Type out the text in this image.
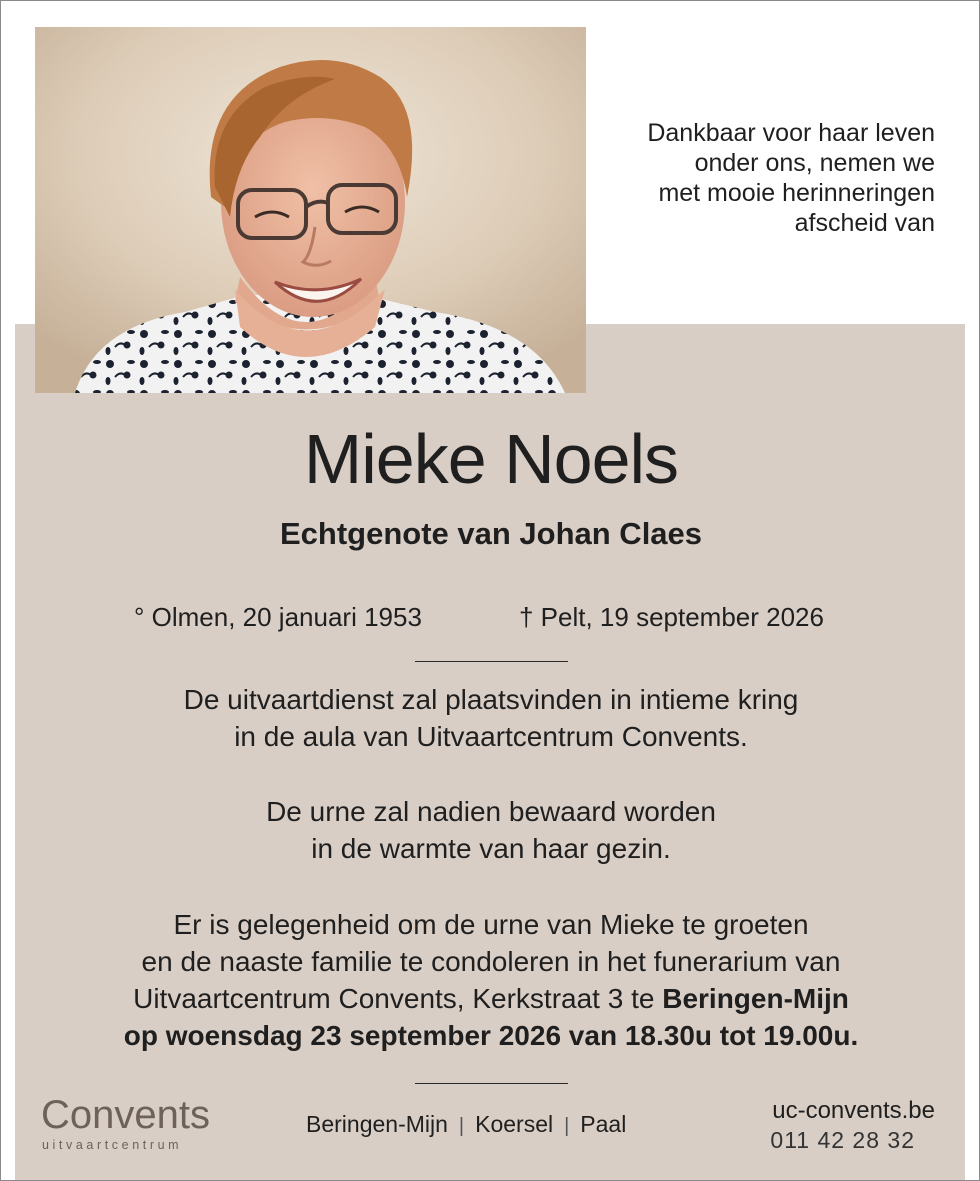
Dankbaar voor haar leven
onder ons, nemen we
met mooie herinneringen
afscheid van
Mieke Noels
Echtgenote van Johan Claes
° Olmen, 20 januari 1953	† Pelt, 19 september 2026
De uitvaartdienst zal plaatsvinden in intieme kring
in de aula van Uitvaartcentrum Convents.
De urne zal nadien bewaard worden
in de warmte van haar gezin.
Er is gelegenheid om de urne van Mieke te groeten
en de naaste familie te condoleren in het funerarium van
Uitvaartcentrum Convents, Kerkstraat 3 te Beringen-Mijn
op woensdag 23 september 2026 van 18.30u tot 19.00u.
Convents
uitvaartcentrum
Beringen-Mijn | Koersel | Paal	uc-convents.be
011 42 28 32
